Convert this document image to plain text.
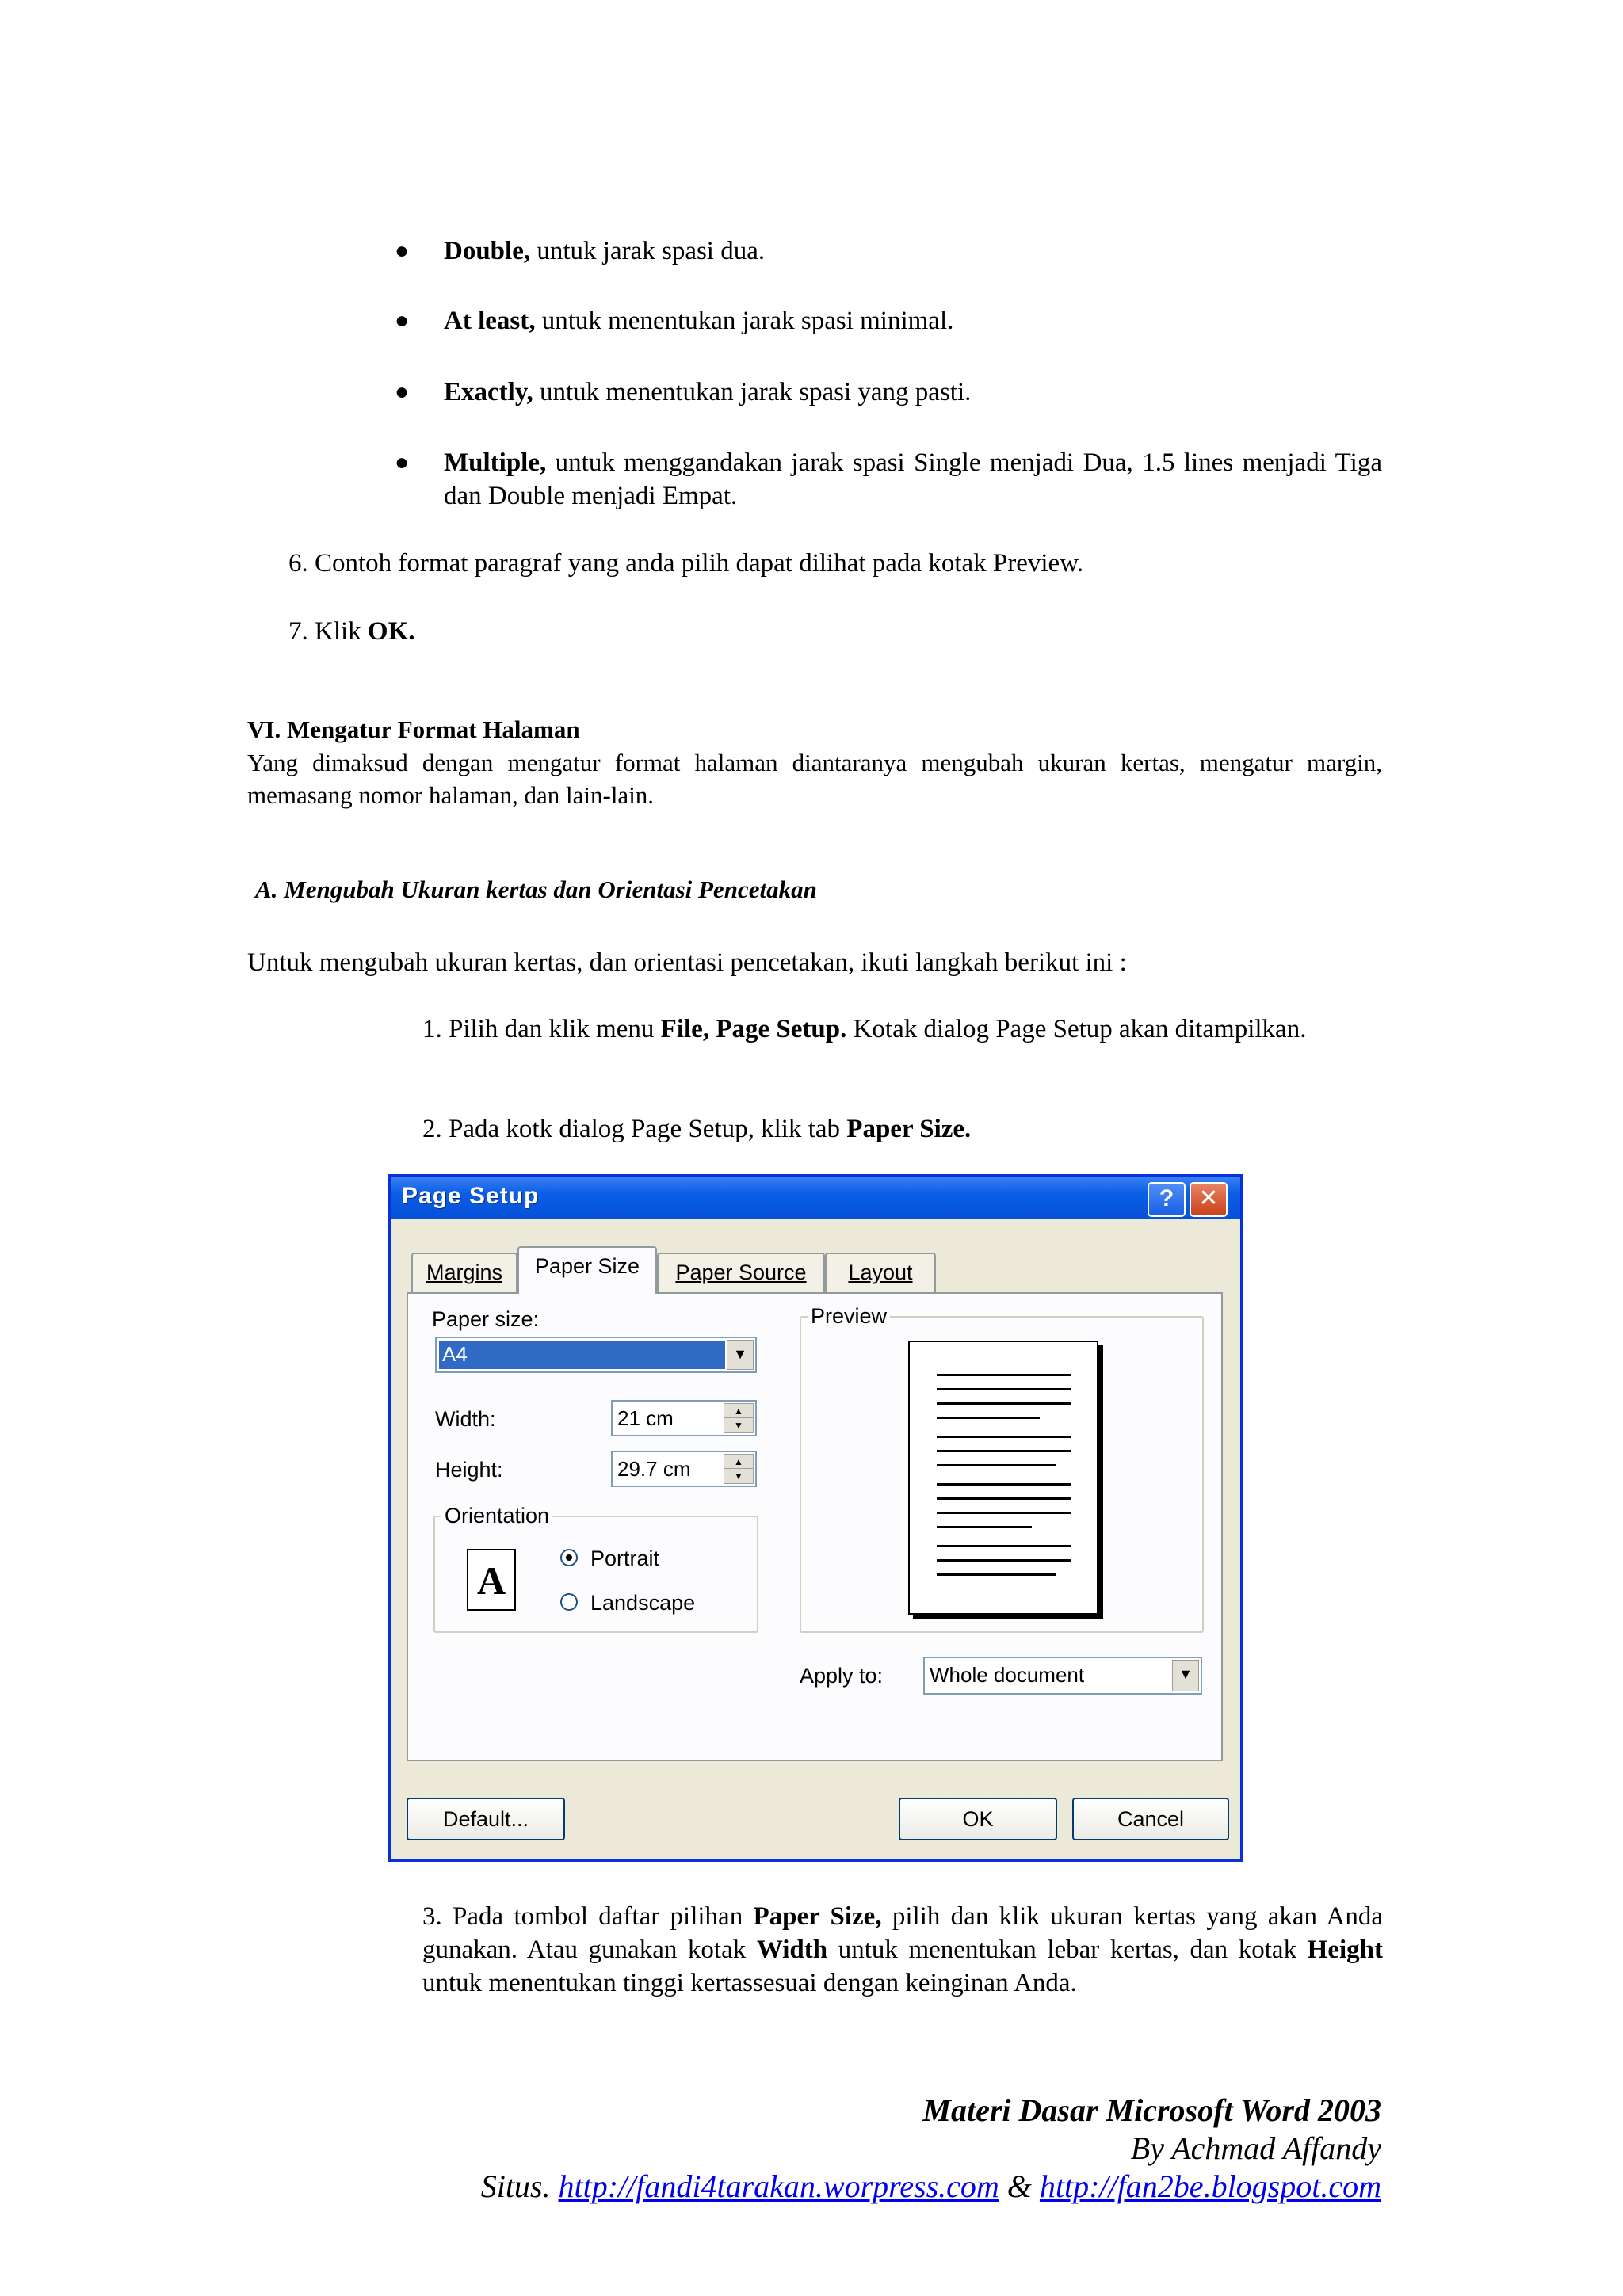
● Double, untuk jarak spasi dua.
● At least, untuk menentukan jarak spasi minimal.
● Exactly, untuk menentukan jarak spasi yang pasti.
● Multiple, untuk menggandakan jarak spasi Single menjadi Dua, 1.5 lines menjadi Tiga dan Double menjadi Empat.
6. Contoh format paragraf yang anda pilih dapat dilihat pada kotak Preview.
7. Klik OK.
VI. Mengatur Format Halaman
Yang dimaksud dengan mengatur format halaman diantaranya mengubah ukuran kertas, mengatur margin, memasang nomor halaman, dan lain-lain.
A. Mengubah Ukuran kertas dan Orientasi Pencetakan
Untuk mengubah ukuran kertas, dan orientasi pencetakan, ikuti langkah berikut ini :
1. Pilih dan klik menu File, Page Setup. Kotak dialog Page Setup akan ditampilkan.
2. Pada kotk dialog Page Setup, klik tab Paper Size.
Page Setup	?	✕
Margins	Paper Size	Paper Source	Layout
Paper size:
A4	▼
Width:	21 cm	▲
▼
Height:	29.7 cm	▲
▼
Orientation
A	Portrait
Landscape
Preview
Apply to: Whole document	▼
Default...	OK	Cancel
3. Pada tombol daftar pilihan Paper Size, pilih dan klik ukuran kertas yang akan Anda gunakan. Atau gunakan kotak Width untuk menentukan lebar kertas, dan kotak Height untuk menentukan tinggi kertassesuai dengan keinginan Anda.
Materi Dasar Microsoft Word 2003
By Achmad Affandy
Situs. http://fandi4tarakan.worpress.com & http://fan2be.blogspot.com
